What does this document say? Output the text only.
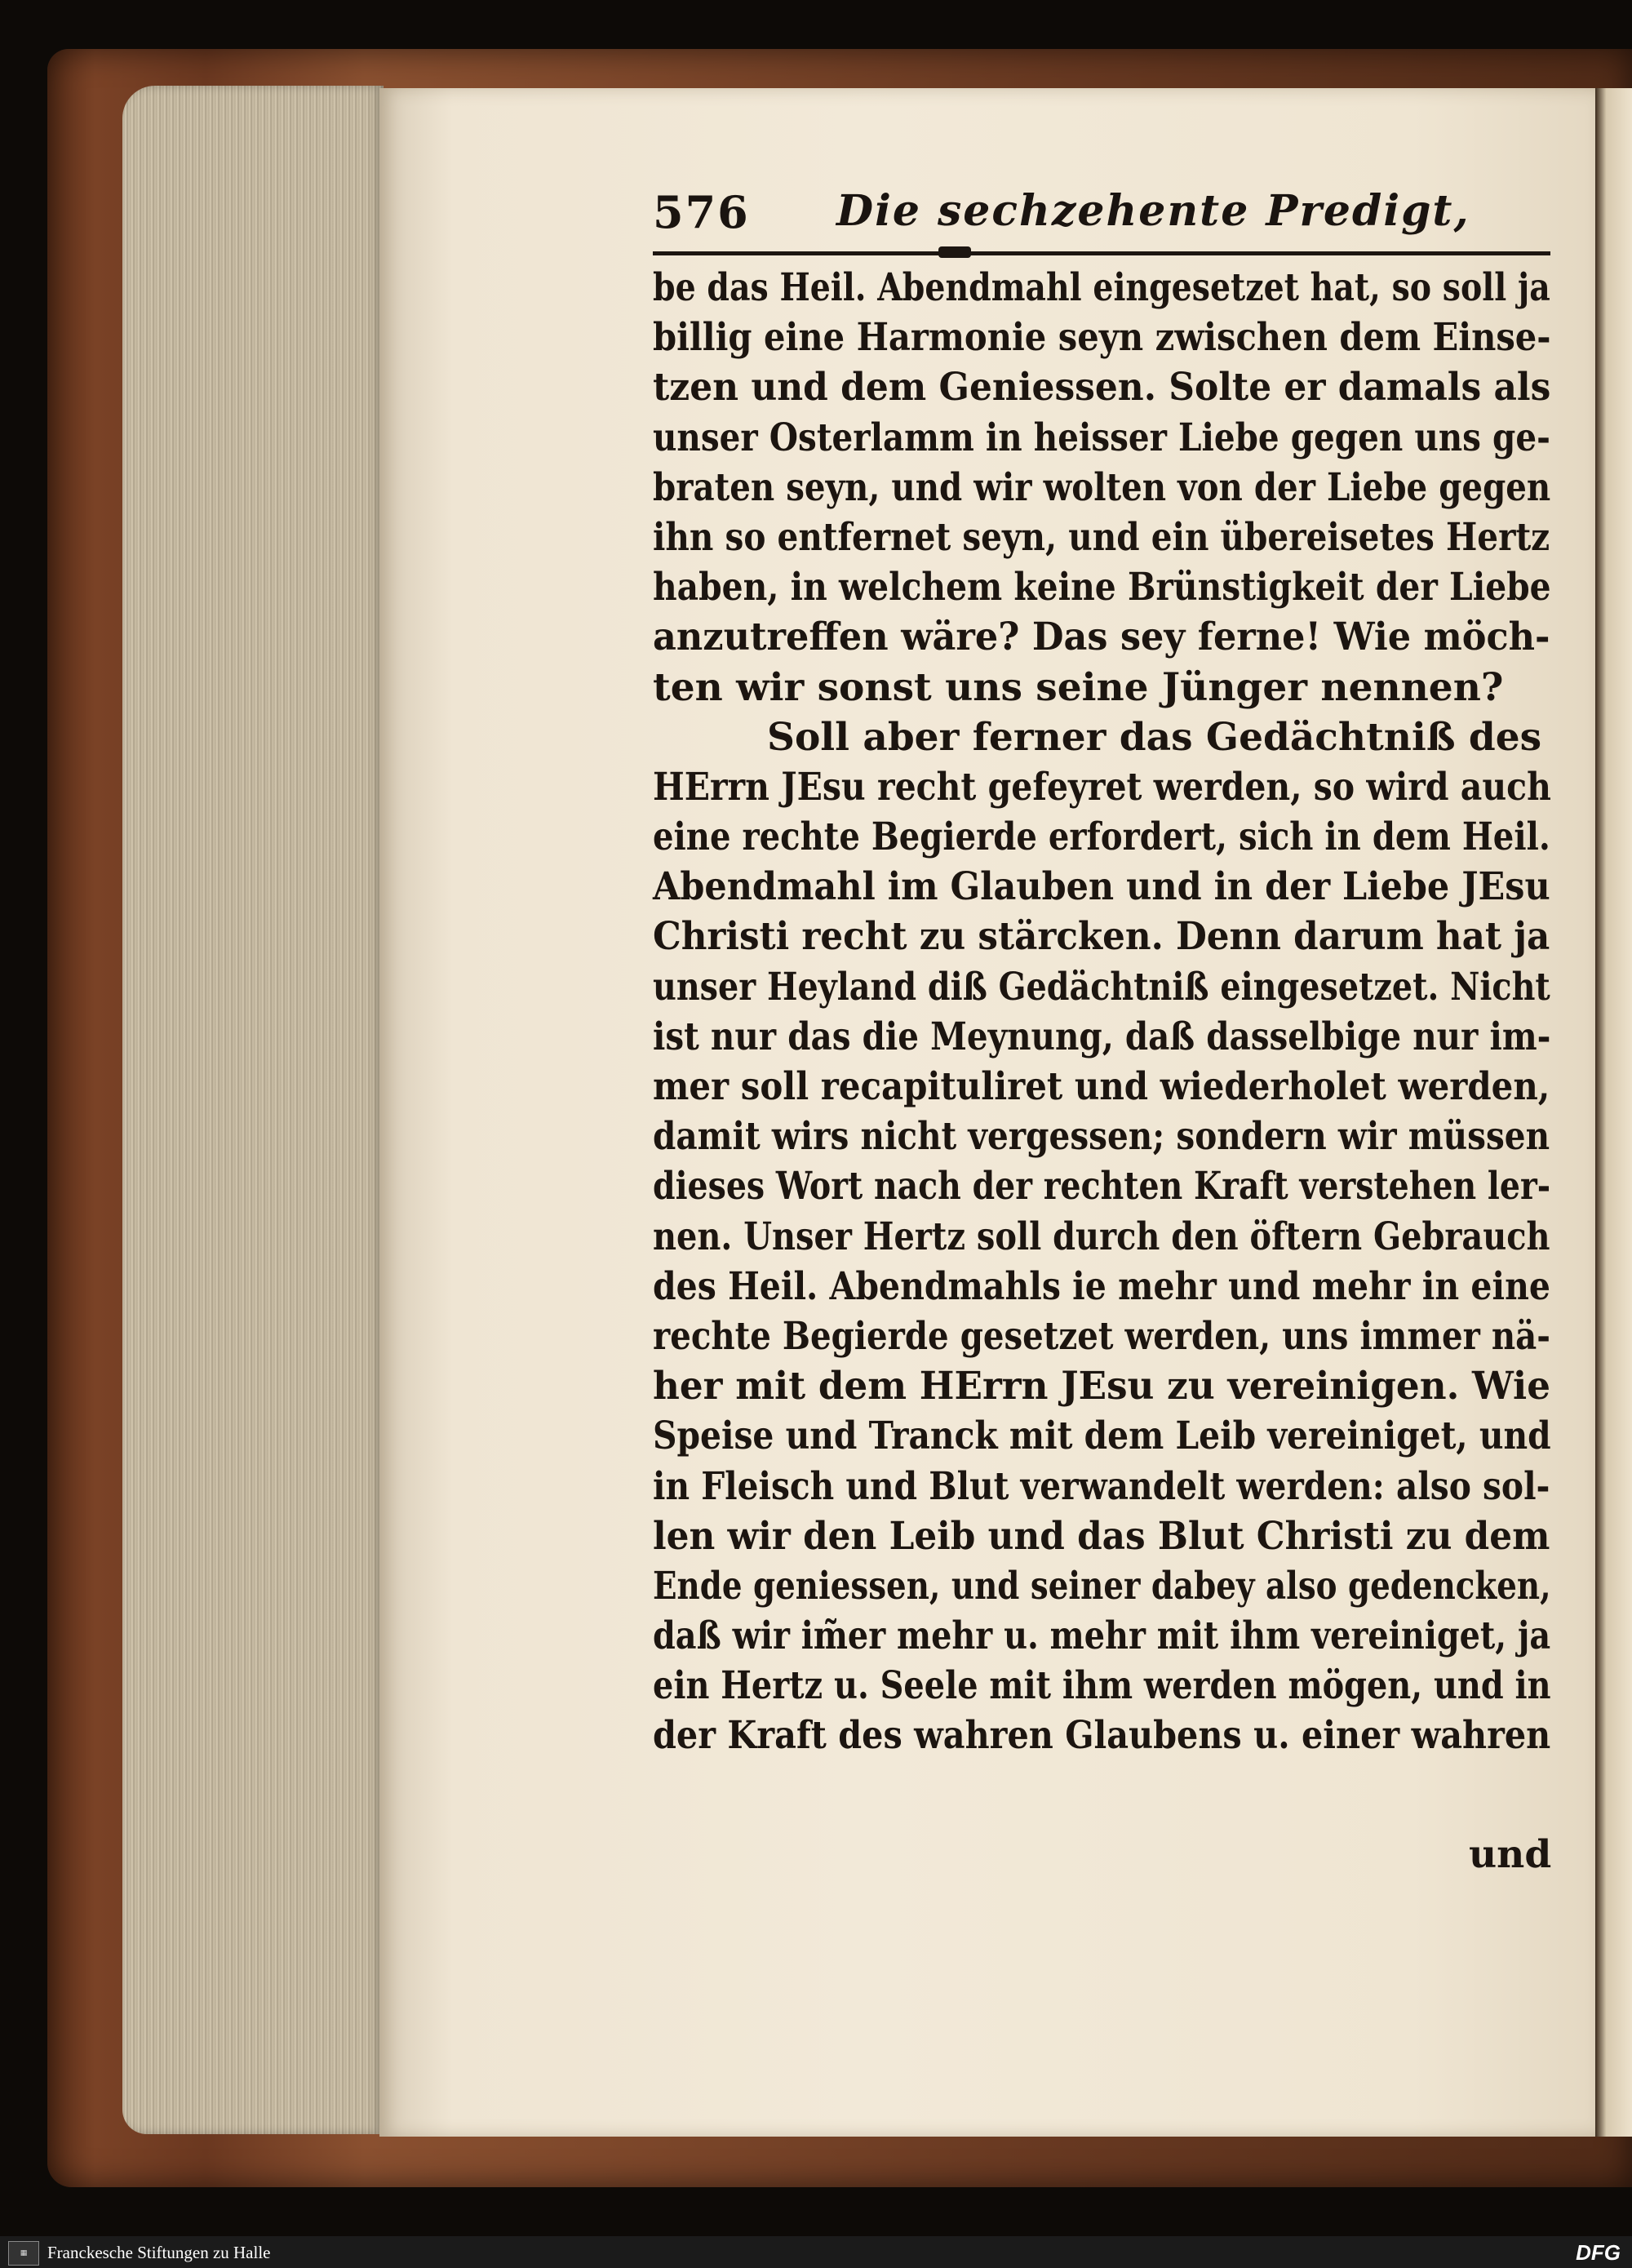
576 Die sechzehente Predigt,
be das Heil. Abendmahl eingesetzet hat, so soll ja
billig eine Harmonie seyn zwischen dem Einse-
tzen und dem Geniessen. Solte er damals als
unser Osterlamm in heisser Liebe gegen uns ge-
braten seyn, und wir wolten von der Liebe gegen
ihn so entfernet seyn, und ein übereisetes Hertz
haben, in welchem keine Brünstigkeit der Liebe
anzutreffen wäre? Das sey ferne! Wie möch-
ten wir sonst uns seine Jünger nennen?
Soll aber ferner das Gedächtniß des
HErrn JEsu recht gefeyret werden, so wird auch
eine rechte Begierde erfordert, sich in dem Heil.
Abendmahl im Glauben und in der Liebe JEsu
Christi recht zu stärcken. Denn darum hat ja
unser Heyland diß Gedächtniß eingesetzet. Nicht
ist nur das die Meynung, daß dasselbige nur im-
mer soll recapituliret und wiederholet werden,
damit wirs nicht vergessen; sondern wir müssen
dieses Wort nach der rechten Kraft verstehen ler-
nen. Unser Hertz soll durch den öftern Gebrauch
des Heil. Abendmahls ie mehr und mehr in eine
rechte Begierde gesetzet werden, uns immer nä-
her mit dem HErrn JEsu zu vereinigen. Wie
Speise und Tranck mit dem Leib vereiniget, und
in Fleisch und Blut verwandelt werden: also sol-
len wir den Leib und das Blut Christi zu dem
Ende geniessen, und seiner dabey also gedencken,
daß wir im̃er mehr u. mehr mit ihm vereiniget, ja
ein Hertz u. Seele mit ihm werden mögen, und in
der Kraft des wahren Glaubens u. einer wahren
und
▦	Franckesche Stiftungen zu Halle	DFG
